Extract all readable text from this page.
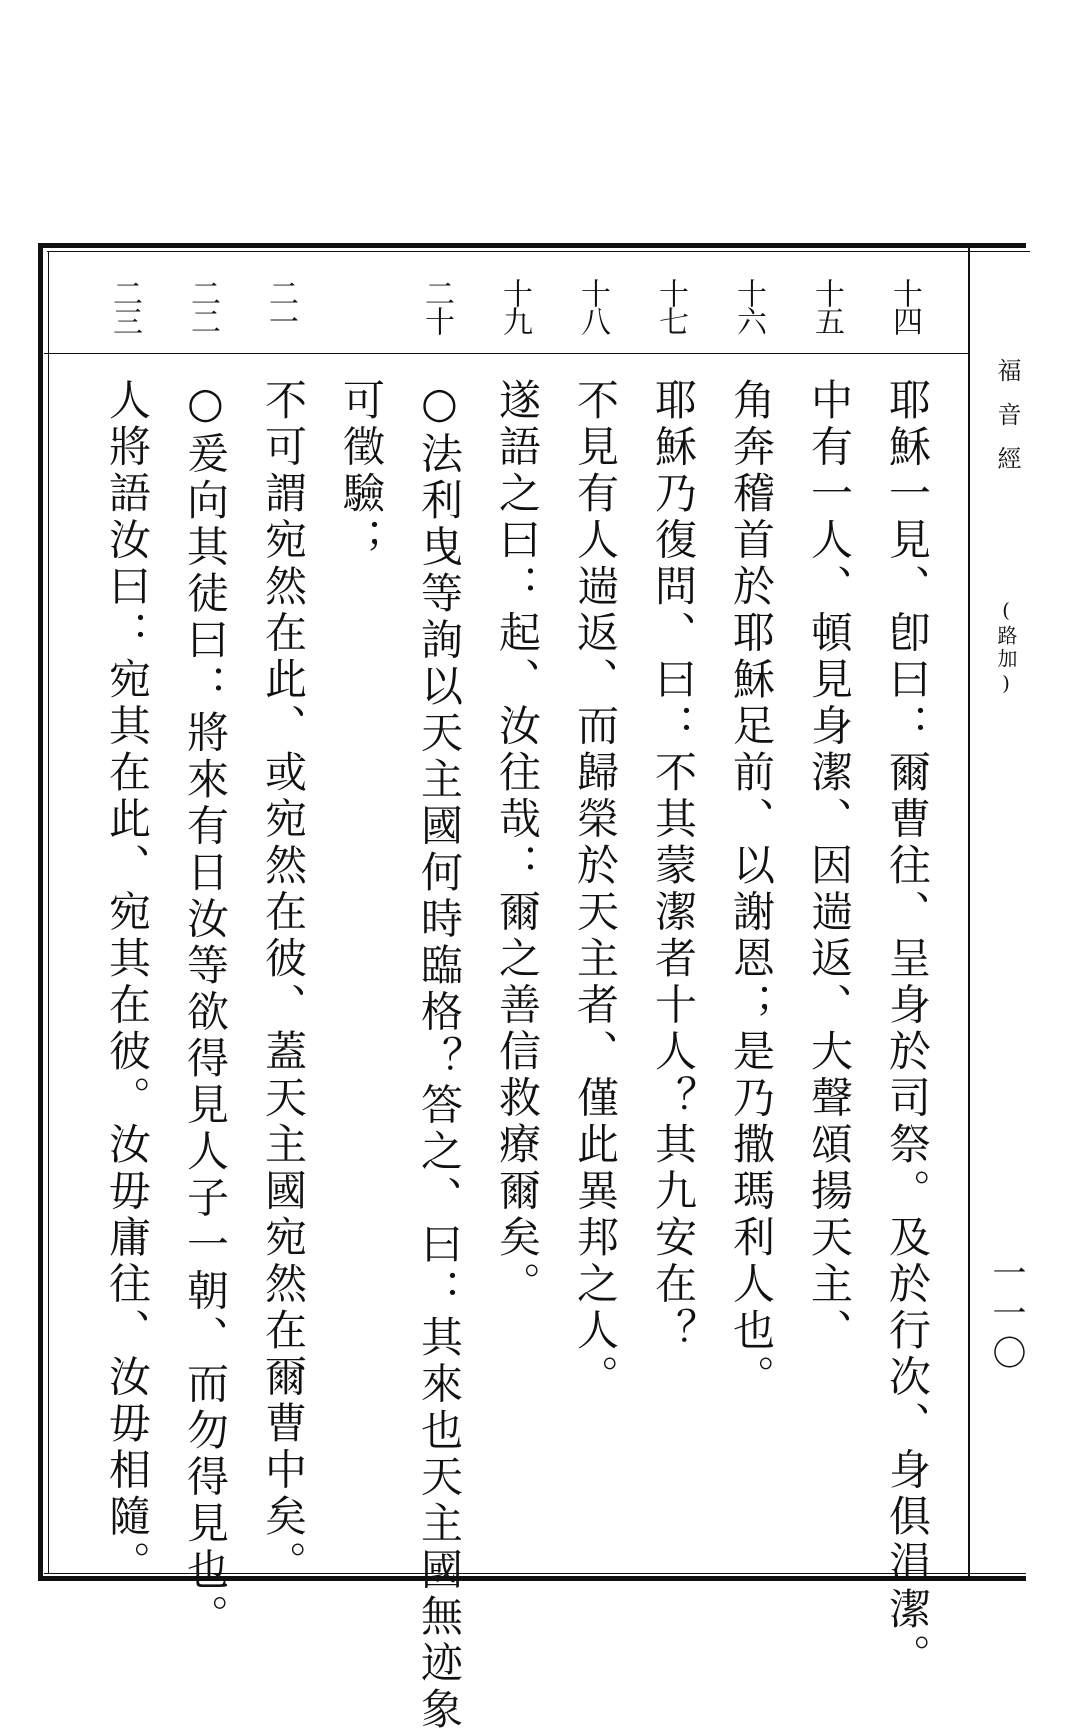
福音經
(路加)
一一〇
十四
十五
十六
十七
十八
十九
二十
二一
二二
二三
耶穌一見、卽曰：爾曹往、呈身於司祭。及於行次、身俱涓潔。
中有一人、頓見身潔、因遄返、大聲頌揚天主、
角奔稽首於耶穌足前、以謝恩；是乃撒瑪利人也。
耶穌乃復問、曰：不其蒙潔者十人？其九安在？
不見有人遄返、而歸榮於天主者、僅此異邦之人。
遂語之曰：起、汝往哉：爾之善信救療爾矣。
○法利曳等詢以天主國何時臨格？答之、曰：其來也天主國無迹象
可徵驗；
不可謂宛然在此、或宛然在彼、蓋天主國宛然在爾曹中矣。
○爰向其徒曰：將來有日汝等欲得見人子一朝、而勿得見也。
人將語汝曰：宛其在此、宛其在彼。汝毋庸往、汝毋相隨。
